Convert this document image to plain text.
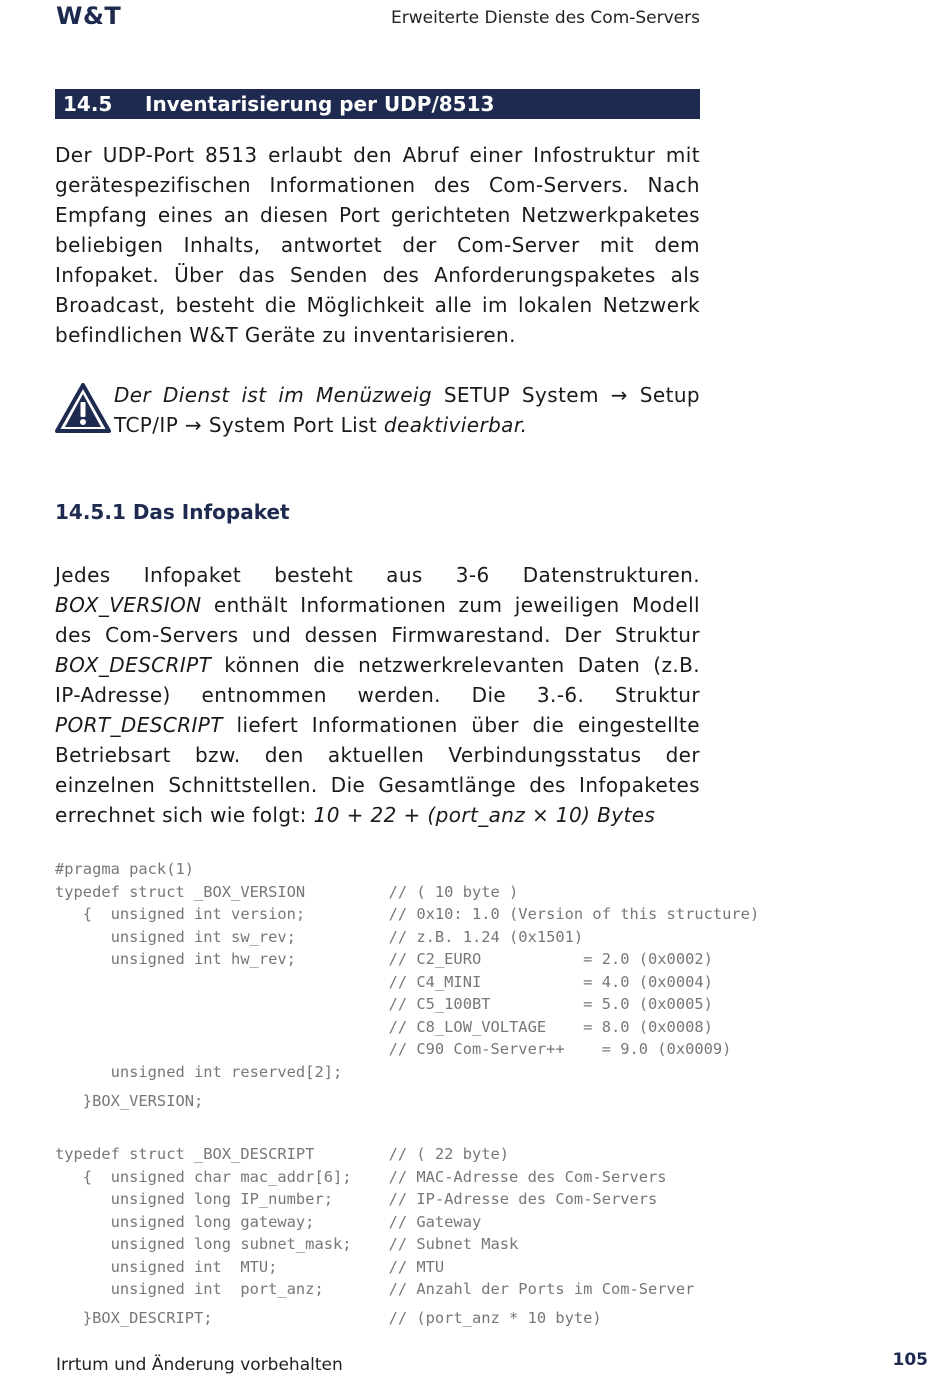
W&T	Erweiterte Dienste des Com-Servers
14.5 Inventarisierung per UDP/8513

Der UDP-Port 8513 erlaubt den Abruf einer Infostruktur mit gerätespezifischen Informationen des Com-Servers. Nach Empfang eines an diesen Port gerichteten Netzwerkpaketes beliebigen Inhalts, antwortet der Com-Server mit dem Infopaket. Über das Senden des Anforderungspaketes als Broadcast, besteht die Möglichkeit alle im lokalen Netzwerk befindlichen W&T Geräte zu inventarisieren.

Der Dienst ist im Menüzweig SETUP System → Setup TCP/IP → System Port List deaktivierbar.

14.5.1 Das Infopaket

Jedes Infopaket besteht aus 3-6 Datenstrukturen. BOX_VERSION enthält Informationen zum jeweiligen Modell des Com-Servers und dessen Firmwarestand. Der Struktur BOX_DESCRIPT können die netzwerkrelevanten Daten (z.B. IP-Adresse) entnommen werden. Die 3.-6. Struktur PORT_DESCRIPT liefert Informationen über die eingestellte Betriebsart bzw. den aktuellen Verbindungsstatus der einzelnen Schnittstellen. Die Gesamtlänge des Infopaketes errechnet sich wie folgt: 10 + 22 + (port_anz × 10) Bytes

#pragma pack(1)
typedef struct _BOX_VERSION         // ( 10 byte )
{  unsigned int version;         // 0x10: 1.0 (Version of this structure)
unsigned int sw_rev;          // z.B. 1.24 (0x1501)
unsigned int hw_rev;          // C2_EURO           = 2.0 (0x0002)
// C4_MINI           = 4.0 (0x0004)
// C5_100BT          = 5.0 (0x0005)
// C8_LOW_VOLTAGE    = 8.0 (0x0008)
// C90 Com-Server++    = 9.0 (0x0009)
unsigned int reserved[2];
}BOX_VERSION;
typedef struct _BOX_DESCRIPT        // ( 22 byte)
{  unsigned char mac_addr[6];    // MAC-Adresse des Com-Servers
unsigned long IP_number;      // IP-Adresse des Com-Servers
unsigned long gateway;        // Gateway
unsigned long subnet_mask;    // Subnet Mask
unsigned int  MTU;            // MTU
unsigned int  port_anz;       // Anzahl der Ports im Com-Server
}BOX_DESCRIPT;                   // (port_anz * 10 byte)
Irrtum und Änderung vorbehalten	105
